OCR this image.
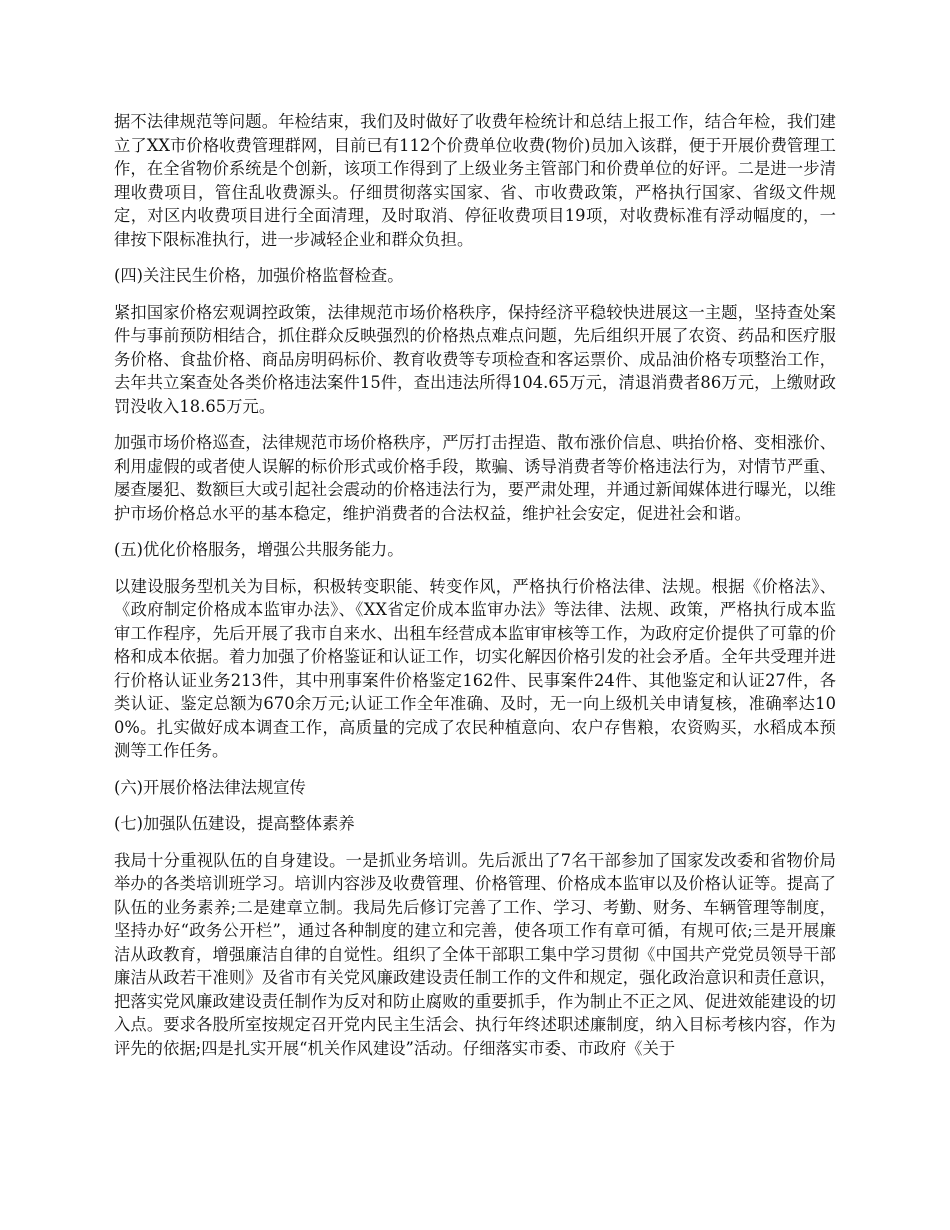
据不法律规范等问题。年检结束，我们及时做好了收费年检统计和总结上报工作，结合年检，我们建立了XX市价格收费管理群网，目前已有112个价费单位收费(物价)员加入该群，便于开展价费管理工作，在全省物价系统是个创新，该项工作得到了上级业务主管部门和价费单位的好评。二是进一步清理收费项目，管住乱收费源头。仔细贯彻落实国家、省、市收费政策，严格执行国家、省级文件规定，对区内收费项目进行全面清理，及时取消、停征收费项目19项，对收费标准有浮动幅度的，一律按下限标准执行，进一步减轻企业和群众负担。

(四)关注民生价格，加强价格监督检查。

紧扣国家价格宏观调控政策，法律规范市场价格秩序，保持经济平稳较快进展这一主题，坚持查处案件与事前预防相结合，抓住群众反映强烈的价格热点难点问题，先后组织开展了农资、药品和医疗服务价格、食盐价格、商品房明码标价、教育收费等专项检查和客运票价、成品油价格专项整治工作，去年共立案查处各类价格违法案件15件，查出违法所得104.65万元，清退消费者86万元，上缴财政罚没收入18.65万元。

加强市场价格巡查，法律规范市场价格秩序，严厉打击捏造、散布涨价信息、哄抬价格、变相涨价、利用虚假的或者使人误解的标价形式或价格手段，欺骗、诱导消费者等价格违法行为，对情节严重、屡查屡犯、数额巨大或引起社会震动的价格违法行为，要严肃处理，并通过新闻媒体进行曝光，以维护市场价格总水平的基本稳定，维护消费者的合法权益，维护社会安定，促进社会和谐。

(五)优化价格服务，增强公共服务能力。

以建设服务型机关为目标，积极转变职能、转变作风，严格执行价格法律、法规。根据《价格法》、《政府制定价格成本监审办法》、《XX省定价成本监审办法》等法律、法规、政策，严格执行成本监审工作程序，先后开展了我市自来水、出租车经营成本监审审核等工作，为政府定价提供了可靠的价格和成本依据。着力加强了价格鉴证和认证工作，切实化解因价格引发的社会矛盾。全年共受理并进行价格认证业务213件，其中刑事案件价格鉴定162件、民事案件24件、其他鉴定和认证27件，各类认证、鉴定总额为670余万元;认证工作全年准确、及时，无一向上级机关申请复核，准确率达100%。扎实做好成本调查工作，高质量的完成了农民种植意向、农户存售粮，农资购买，水稻成本预测等工作任务。

(六)开展价格法律法规宣传

(七)加强队伍建设，提高整体素养

我局十分重视队伍的自身建设。一是抓业务培训。先后派出了7名干部参加了国家发改委和省物价局举办的各类培训班学习。培训内容涉及收费管理、价格管理、价格成本监审以及价格认证等。提高了队伍的业务素养;二是建章立制。我局先后修订完善了工作、学习、考勤、财务、车辆管理等制度，坚持办好“政务公开栏”，通过各种制度的建立和完善，使各项工作有章可循，有规可依;三是开展廉洁从政教育，增强廉洁自律的自觉性。组织了全体干部职工集中学习贯彻《中国共产党党员领导干部廉洁从政若干准则》及省市有关党风廉政建设责任制工作的文件和规定，强化政治意识和责任意识，把落实党风廉政建设责任制作为反对和防止腐败的重要抓手，作为制止不正之风、促进效能建设的切入点。要求各股所室按规定召开党内民主生活会、执行年终述职述廉制度，纳入目标考核内容，作为评先的依据;四是扎实开展“机关作风建设”活动。仔细落实市委、市政府《关于
